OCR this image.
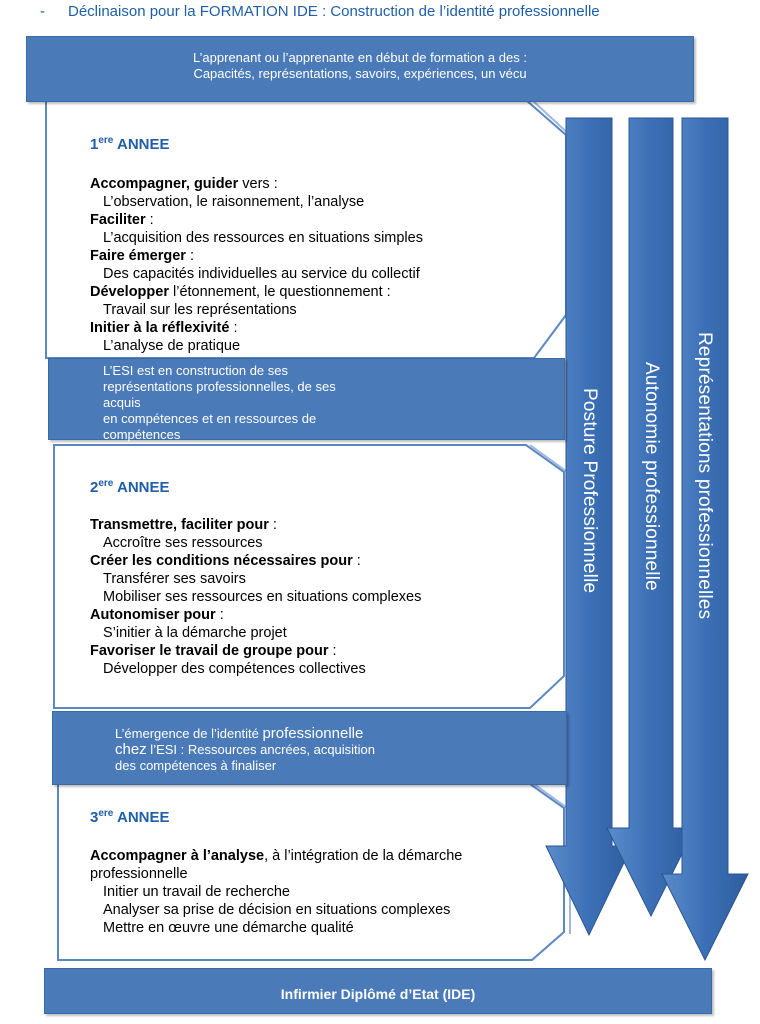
- Déclinaison pour la FORMATION IDE : Construction de l’identité professionnelle
L’apprenant ou l’apprenante en début de formation a des :
Capacités, représentations, savoirs, expériences, un vécu
1ere ANNEE
Accompagner, guider vers :
L’observation, le raisonnement, l’analyse
Faciliter :
L’acquisition des ressources en situations simples
Faire émerger :
Des capacités individuelles au service du collectif
Développer l’étonnement, le questionnement :
Travail sur les représentations
Initier à la réflexivité :
L’analyse de pratique
L’ESI est en construction de ses
représentations professionnelles, de ses acquis
en compétences et en ressources de
compétences
2ere ANNEE
Transmettre, faciliter pour :
Accroître ses ressources
Créer les conditions nécessaires pour :
Transférer ses savoirs
Mobiliser ses ressources en situations complexes
Autonomiser pour :
S’initier à la démarche projet
Favoriser le travail de groupe pour :
Développer des compétences collectives
L’émergence de l’identité professionnelle
chez l’ESI : Ressources ancrées, acquisition
des compétences à finaliser
3ere ANNEE
Accompagner à l’analyse, à l’intégration de la démarche
professionnelle
Initier un travail de recherche
Analyser sa prise de décision en situations complexes
Mettre en œuvre une démarche qualité
Posture Professionnelle Autonomie professionnelle Représentations professionnelles
Infirmier Diplômé d’Etat (IDE)
